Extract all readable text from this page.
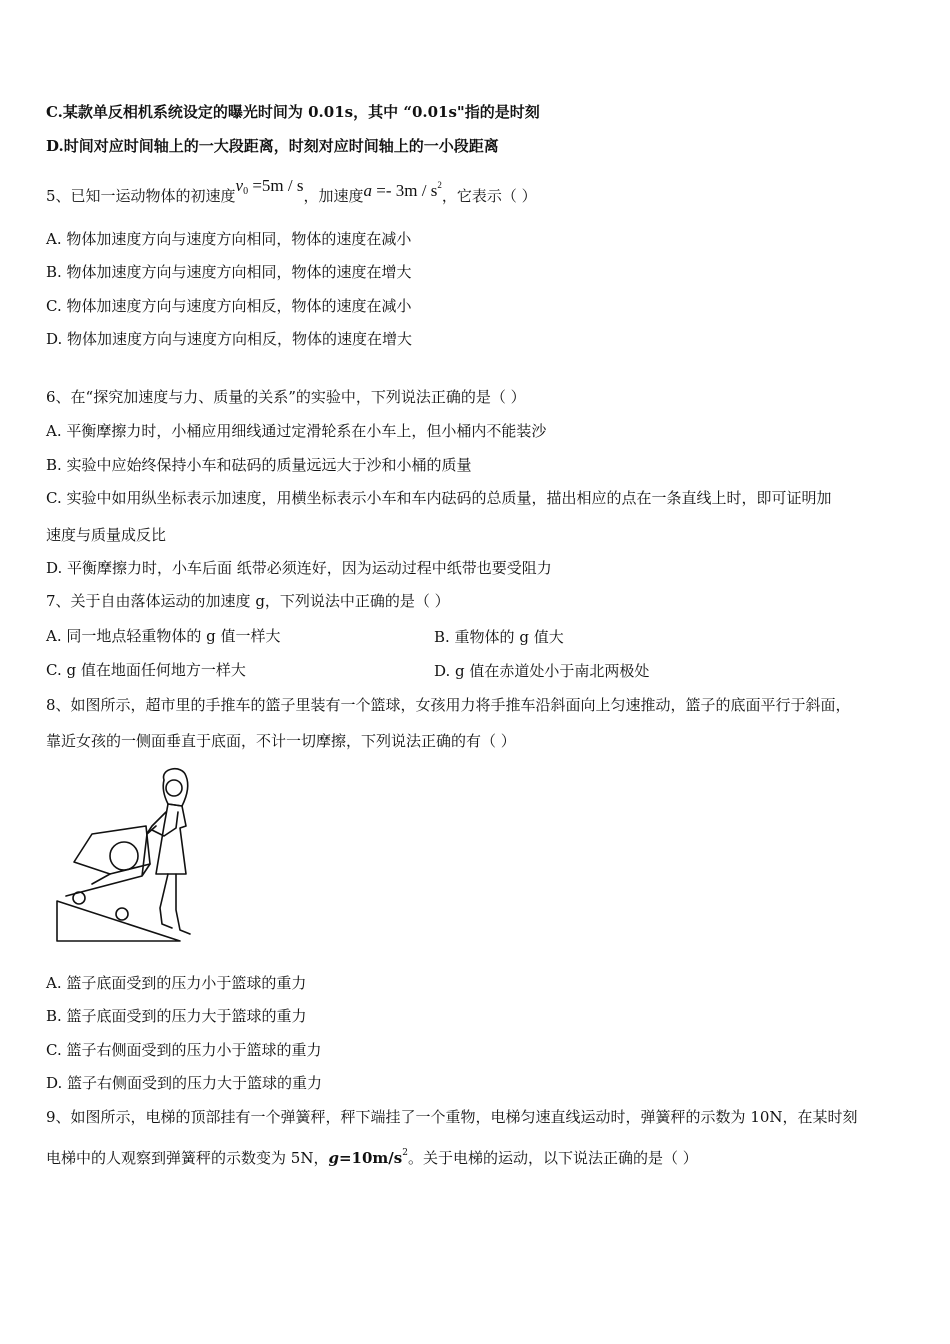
C.某款单反相机系统设定的曝光时间为 0.01s，其中 “0.01s"指的是时刻
D.时间对应时间轴上的一大段距离，时刻对应时间轴上的一小段距离
5、已知一运动物体的初速度$v_0 =5m / s$，加速度$a =- 3m / s^2$，它表示（ ）
A. 物体加速度方向与速度方向相同，物体的速度在减小
B. 物体加速度方向与速度方向相同，物体的速度在增大
C. 物体加速度方向与速度方向相反，物体的速度在减小
D. 物体加速度方向与速度方向相反，物体的速度在增大
6、在“探究加速度与力、质量的关系”的实验中，下列说法正确的是（ ）
A. 平衡摩擦力时，小桶应用细线通过定滑轮系在小车上，但小桶内不能装沙
B. 实验中应始终保持小车和砝码的质量远远大于沙和小桶的质量
C. 实验中如用纵坐标表示加速度，用横坐标表示小车和车内砝码的总质量，描出相应的点在一条直线上时，即可证明加
速度与质量成反比
D. 平衡摩擦力时，小车后面 纸带必须连好，因为运动过程中纸带也要受阻力
7、关于自由落体运动的加速度 g，下列说法中正确的是（ ）
A. 同一地点轻重物体的 g 值一样大	B. 重物体的 g 值大
C. g 值在地面任何地方一样大	D. g 值在赤道处小于南北两极处
8、如图所示，超市里的手推车的篮子里装有一个篮球，女孩用力将手推车沿斜面向上匀速推动，篮子的底面平行于斜面，
靠近女孩的一侧面垂直于底面，不计一切摩擦，下列说法正确的有（ ）
A. 篮子底面受到的压力小于篮球的重力
B. 篮子底面受到的压力大于篮球的重力
C. 篮子右侧面受到的压力小于篮球的重力
D. 篮子右侧面受到的压力大于篮球的重力
9、如图所示，电梯的顶部挂有一个弹簧秤，秤下端挂了一个重物，电梯匀速直线运动时，弹簧秤的示数为 10N，在某时刻
电梯中的人观察到弹簧秤的示数变为 5N，$g=10m/s^2$。关于电梯的运动，以下说法正确的是（ ）
